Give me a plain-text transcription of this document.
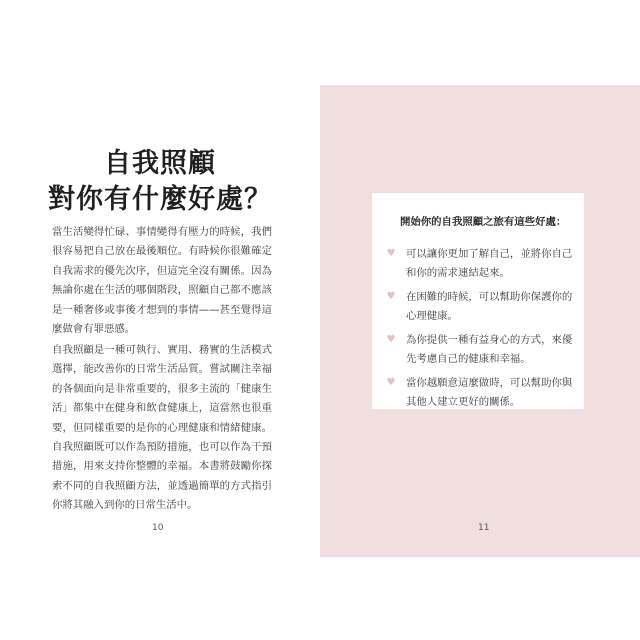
自我照顧
對你有什麼好處？

當生活變得忙碌、事情變得有壓力的時候，我們很容易把自己放在最後順位。有時候你很難確定自我需求的優先次序，但這完全沒有關係。因為無論你處在生活的哪個階段，照顧自己都不應該是一種奢侈或事後才想到的事情——甚至覺得這麼做會有罪惡感。

自我照顧是一種可執行、實用、務實的生活模式選擇，能改善你的日常生活品質。嘗試關注幸福的各個面向是非常重要的，很多主流的「健康生活」都集中在健身和飲食健康上，這當然也很重要，但同樣重要的是你的心理健康和情緒健康。自我照顧既可以作為預防措施，也可以作為干預措施，用來支持你整體的幸福。本書將鼓勵你探索不同的自我照顧方法，並透過簡單的方式指引你將其融入到你的日常生活中。

10
開始你的自我照顧之旅有這些好處：
♥ 可以讓你更加了解自己，並將你自己和你的需求連結起來。

♥ 在困難的時候，可以幫助你保護你的心理健康。

♥ 為你提供一種有益身心的方式，來優先考慮自己的健康和幸福。

♥ 當你越願意這麼做時，可以幫助你與其他人建立更好的關係。

11
